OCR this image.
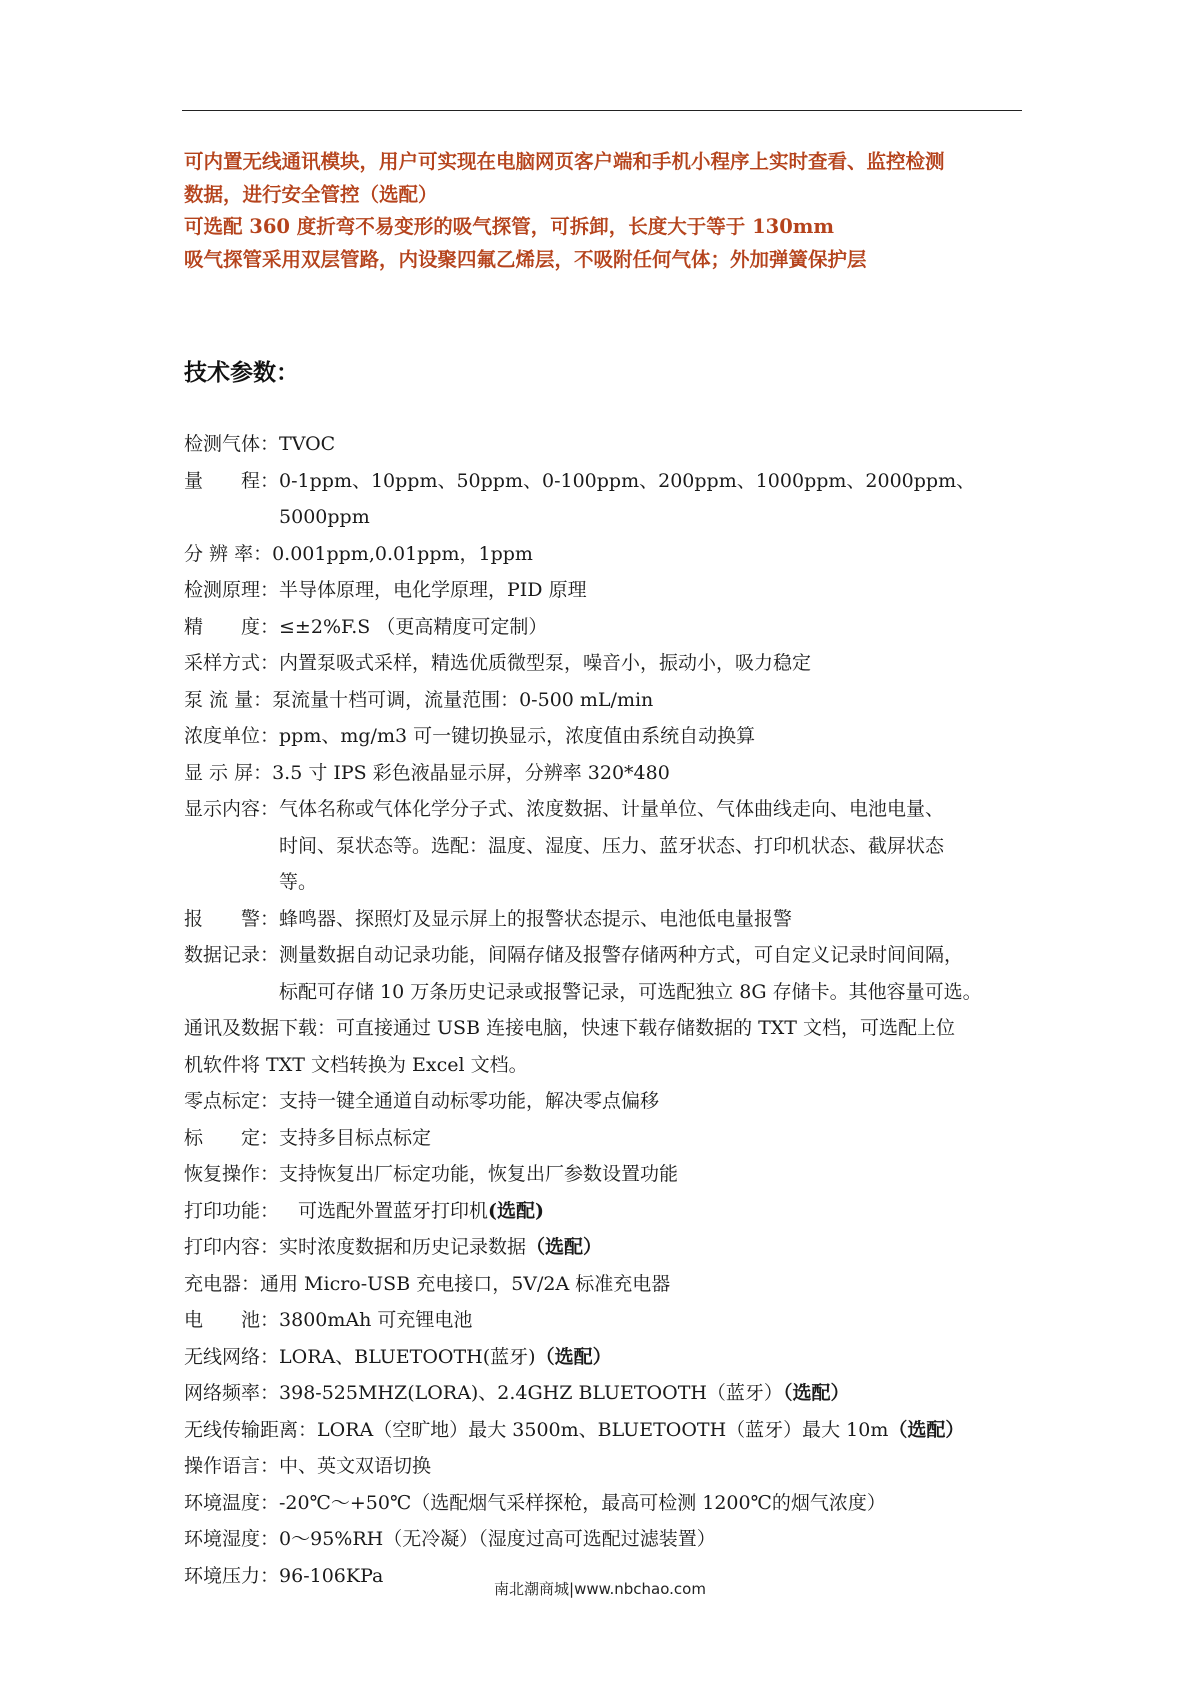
可内置无线通讯模块，用户可实现在电脑网页客户端和手机小程序上实时查看、监控检测

数据，进行安全管控（选配）

可选配 360 度折弯不易变形的吸气探管，可拆卸，长度大于等于 130mm

吸气探管采用双层管路，内设聚四氟乙烯层，不吸附任何气体；外加弹簧保护层

技术参数：
检测气体： TVOC
量　　程： 0-1ppm、10ppm、50ppm、0-100ppm、200ppm、1000ppm、2000ppm、5000ppm
分 辨 率： 0.001ppm,0.01ppm，1ppm
检测原理： 半导体原理，电化学原理，PID 原理
精　　度： ≤±2%F.S （更高精度可定制）
采样方式： 内置泵吸式采样，精选优质微型泵，噪音小，振动小，吸力稳定
泵 流 量： 泵流量十档可调，流量范围：0-500 mL/min
浓度单位： ppm、mg/m3 可一键切换显示，浓度值由系统自动换算
显 示 屏： 3.5 寸 IPS 彩色液晶显示屏，分辨率 320*480
显示内容： 气体名称或气体化学分子式、浓度数据、计量单位、气体曲线走向、电池电量、
时间、泵状态等。选配：温度、湿度、压力、蓝牙状态、打印机状态、截屏状态
等。
报　　警： 蜂鸣器、探照灯及显示屏上的报警状态提示、电池低电量报警
数据记录： 测量数据自动记录功能，间隔存储及报警存储两种方式，可自定义记录时间间隔，
标配可存储 10 万条历史记录或报警记录，可选配独立 8G 存储卡。其他容量可选。
通讯及数据下载：可直接通过 USB 连接电脑，快速下载存储数据的 TXT 文档，可选配上位
机软件将 TXT 文档转换为 Excel 文档。
零点标定： 支持一键全通道自动标零功能，解决零点偏移
标　　定： 支持多目标点标定
恢复操作： 支持恢复出厂标定功能，恢复出厂参数设置功能
打印功能： 　可选配外置蓝牙打印机(选配)
打印内容： 实时浓度数据和历史记录数据（选配）
充电器： 通用 Micro-USB 充电接口，5V/2A 标准充电器
电　　池： 3800mAh 可充锂电池
无线网络： LORA、BLUETOOTH(蓝牙)（选配）
网络频率： 398-525MHZ(LORA)、2.4GHZ BLUETOOTH（蓝牙）（选配）
无线传输距离： LORA（空旷地）最大 3500m、BLUETOOTH（蓝牙）最大 10m（选配）
操作语言： 中、英文双语切换
环境温度： -20℃～+50℃（选配烟气采样探枪，最高可检测 1200℃的烟气浓度）
环境湿度： 0～95%RH（无冷凝）（湿度过高可选配过滤装置）
环境压力： 96-106KPa
南北潮商城|www.nbchao.com
